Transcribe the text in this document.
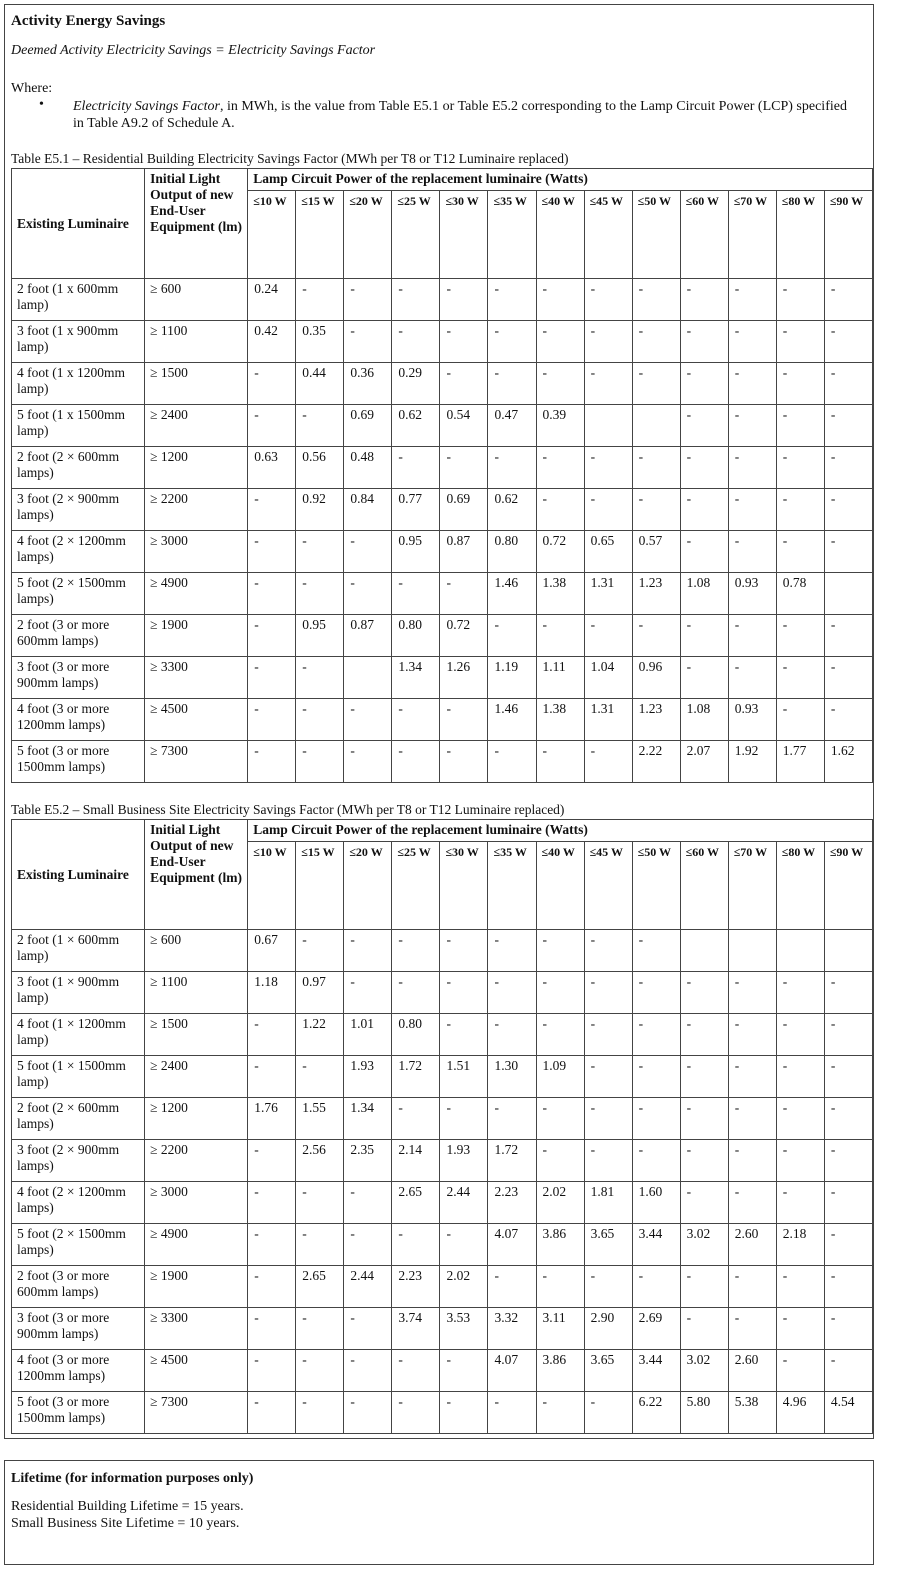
Activity Energy Savings
Deemed Activity Electricity Savings = Electricity Savings Factor
Where:
• Electricity Savings Factor, in MWh, is the value from Table E5.1 or Table E5.2 corresponding to the Lamp Circuit Power (LCP) specified in Table A9.2 of Schedule A.
Table E5.1 – Residential Building Electricity Savings Factor (MWh per T8 or T12 Luminaire replaced)
Existing Luminaire	Initial Light Output of new End-User Equipment (lm)	Lamp Circuit Power of the replacement luminaire (Watts)												
		≤10 W	≤15 W	≤20 W	≤25 W	≤30 W	≤35 W	≤40 W	≤45 W	≤50 W	≤60 W	≤70 W	≤80 W	≤90 W
2 foot (1 x 600mm lamp)	≥ 600	0.24	-	-	-	-	-	-	-	-	-	-	-	-
3 foot (1 x 900mm lamp)	≥ 1100	0.42	0.35	-	-	-	-	-	-	-	-	-	-	-
4 foot (1 x 1200mm lamp)	≥ 1500	-	0.44	0.36	0.29	-	-	-	-	-	-	-	-	-
5 foot (1 x 1500mm lamp)	≥ 2400	-	-	0.69	0.62	0.54	0.47	0.39			-	-	-	-
2 foot (2 × 600mm lamps)	≥ 1200	0.63	0.56	0.48	-	-	-	-	-	-	-	-	-	-
3 foot (2 × 900mm lamps)	≥ 2200	-	0.92	0.84	0.77	0.69	0.62	-	-	-	-	-	-	-
4 foot (2 × 1200mm lamps)	≥ 3000	-	-	-	0.95	0.87	0.80	0.72	0.65	0.57	-	-	-	-
5 foot (2 × 1500mm lamps)	≥ 4900	-	-	-	-	-	1.46	1.38	1.31	1.23	1.08	0.93	0.78	
2 foot (3 or more 600mm lamps)	≥ 1900	-	0.95	0.87	0.80	0.72	-	-	-	-	-	-	-	-
3 foot (3 or more 900mm lamps)	≥ 3300	-	-		1.34	1.26	1.19	1.11	1.04	0.96	-	-	-	-
4 foot (3 or more 1200mm lamps)	≥ 4500	-	-	-	-	-	1.46	1.38	1.31	1.23	1.08	0.93	-	-
5 foot (3 or more 1500mm lamps)	≥ 7300	-	-	-	-	-	-	-	-	2.22	2.07	1.92	1.77	1.62
Table E5.2 – Small Business Site Electricity Savings Factor (MWh per T8 or T12 Luminaire replaced)
Existing Luminaire	Initial Light Output of new End-User Equipment (lm)	Lamp Circuit Power of the replacement luminaire (Watts)												
		≤10 W	≤15 W	≤20 W	≤25 W	≤30 W	≤35 W	≤40 W	≤45 W	≤50 W	≤60 W	≤70 W	≤80 W	≤90 W
2 foot (1 × 600mm lamp)	≥ 600	0.67	-	-	-	-	-	-	-	-				
3 foot (1 × 900mm lamp)	≥ 1100	1.18	0.97	-	-	-	-	-	-	-	-	-	-	-
4 foot (1 × 1200mm lamp)	≥ 1500	-	1.22	1.01	0.80	-	-	-	-	-	-	-	-	-
5 foot (1 × 1500mm lamp)	≥ 2400	-	-	1.93	1.72	1.51	1.30	1.09	-	-	-	-	-	-
2 foot (2 × 600mm lamps)	≥ 1200	1.76	1.55	1.34	-	-	-	-	-	-	-	-	-	-
3 foot (2 × 900mm lamps)	≥ 2200	-	2.56	2.35	2.14	1.93	1.72	-	-	-	-	-	-	-
4 foot (2 × 1200mm lamps)	≥ 3000	-	-	-	2.65	2.44	2.23	2.02	1.81	1.60	-	-	-	-
5 foot (2 × 1500mm lamps)	≥ 4900	-	-	-	-	-	4.07	3.86	3.65	3.44	3.02	2.60	2.18	-
2 foot (3 or more 600mm lamps)	≥ 1900	-	2.65	2.44	2.23	2.02	-	-	-	-	-	-	-	-
3 foot (3 or more 900mm lamps)	≥ 3300	-	-	-	3.74	3.53	3.32	3.11	2.90	2.69	-	-	-	-
4 foot (3 or more 1200mm lamps)	≥ 4500	-	-	-	-	-	4.07	3.86	3.65	3.44	3.02	2.60	-	-
5 foot (3 or more 1500mm lamps)	≥ 7300	-	-	-	-	-	-	-	-	6.22	5.80	5.38	4.96	4.54
Lifetime (for information purposes only)
Residential Building Lifetime = 15 years.
Small Business Site Lifetime = 10 years.
